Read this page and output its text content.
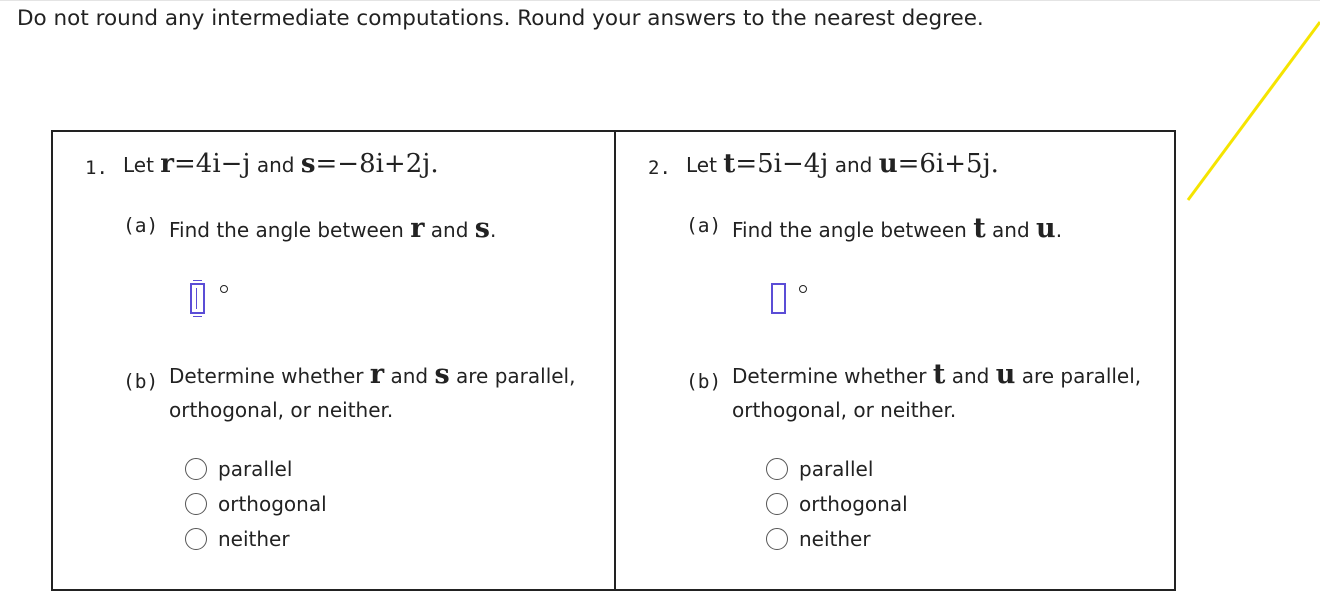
Do not round any intermediate computations. Round your answers to the nearest degree.
1. Let r=4i−j and s=−8i+2j.
(a) Find the angle between r and s.
(b) Determine whether r and s are parallel,
orthogonal, or neither.
parallel
orthogonal
neither
2. Let t=5i−4j and u=6i+5j.
(a) Find the angle between t and u.
(b) Determine whether t and u are parallel,
orthogonal, or neither.
parallel
orthogonal
neither
